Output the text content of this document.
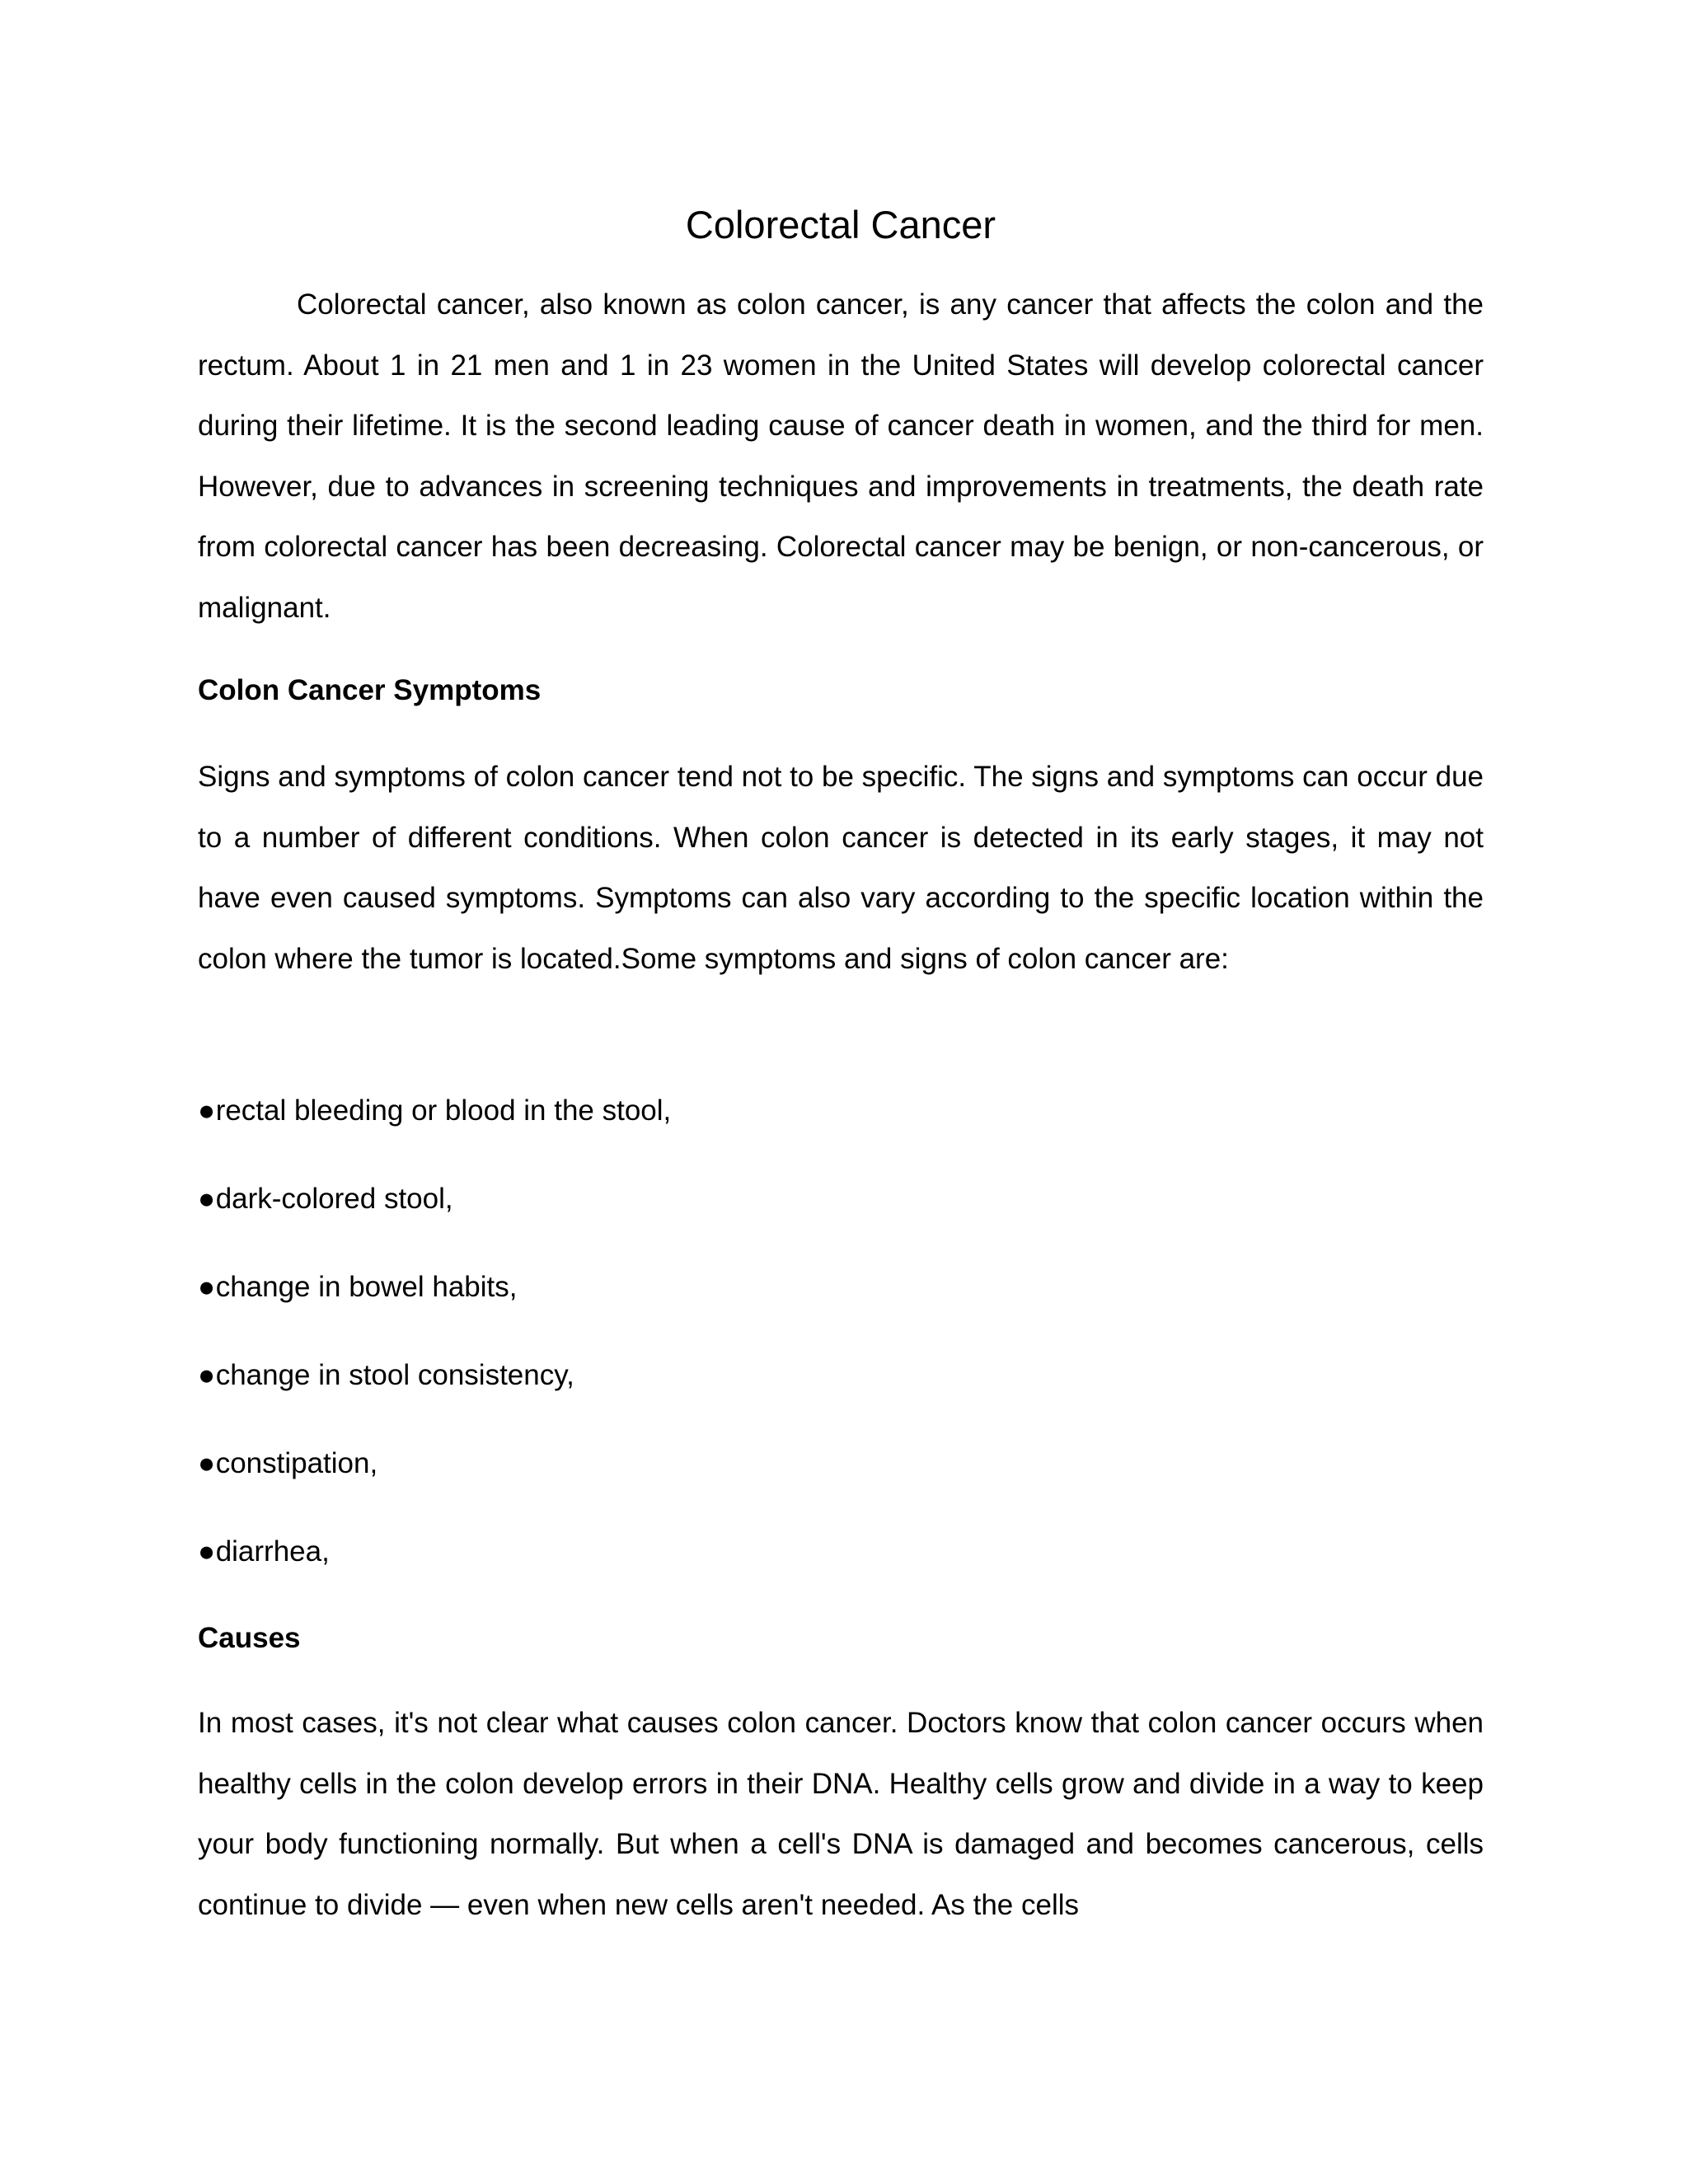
Colorectal Cancer

Colorectal cancer, also known as colon cancer, is any cancer that affects the colon and the rectum. About 1 in 21 men and 1 in 23 women in the United States will develop colorectal cancer during their lifetime. It is the second leading cause of cancer death in women, and the third for men. However, due to advances in screening techniques and improvements in treatments, the death rate from colorectal cancer has been decreasing. Colorectal cancer may be benign, or non-cancerous, or malignant.

Colon Cancer Symptoms

Signs and symptoms of colon cancer tend not to be specific. The signs and symptoms can occur due to a number of different conditions. When colon cancer is detected in its early stages, it may not have even caused symptoms. Symptoms can also vary according to the specific location within the colon where the tumor is located.Some symptoms and signs of colon cancer are:

●rectal bleeding or blood in the stool,
●dark-colored stool,
●change in bowel habits,
●change in stool consistency,
●constipation,
●diarrhea,
Causes

In most cases, it's not clear what causes colon cancer. Doctors know that colon cancer occurs when healthy cells in the colon develop errors in their DNA. Healthy cells grow and divide in a way to keep your body functioning normally. But when a cell's DNA is damaged and becomes cancerous, cells continue to divide — even when new cells aren't needed. As the cells
